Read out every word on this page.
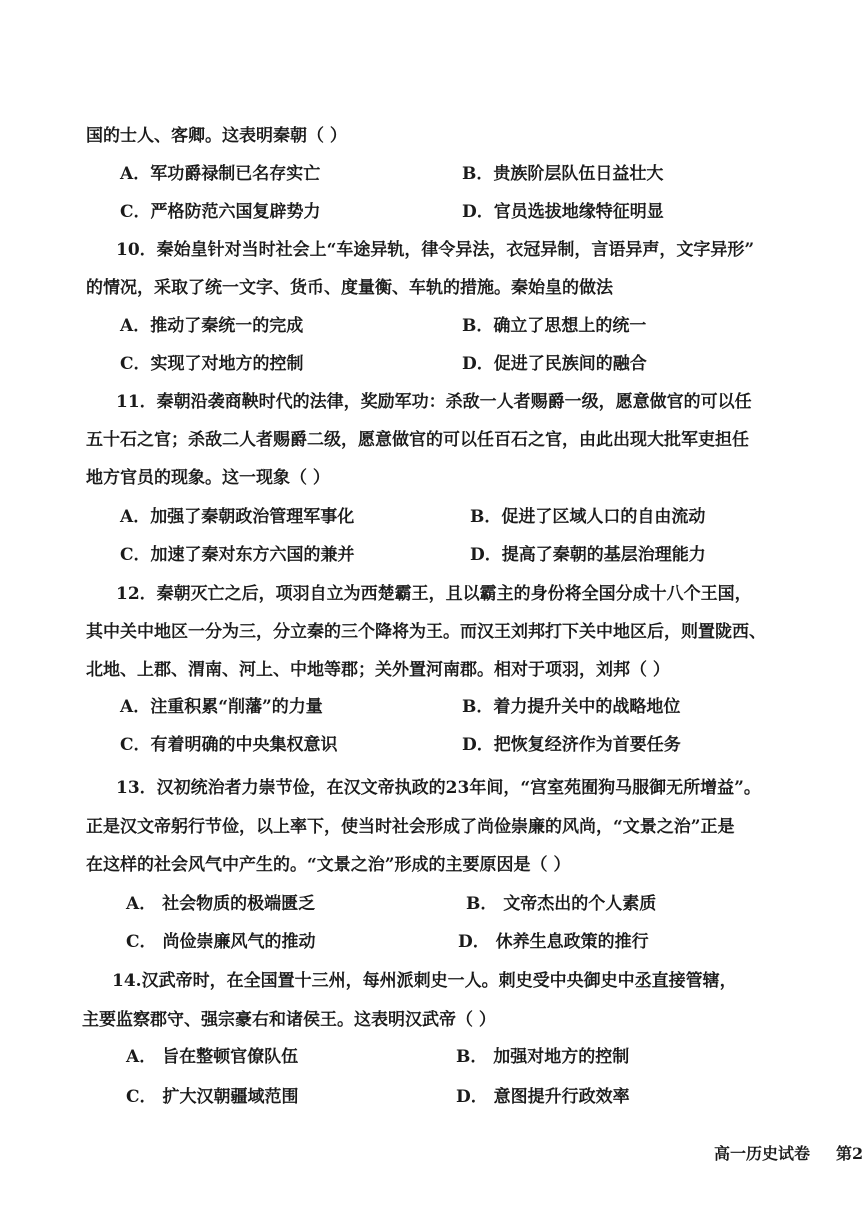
国的士人、客卿。这表明秦朝（ ）
A．军功爵禄制已名存实亡	B．贵族阶层队伍日益壮大
C．严格防范六国复辟势力	D．官员选拔地缘特征明显
10．秦始皇针对当时社会上“车途异轨，律令异法，衣冠异制，言语异声，文字异形”
的情况，采取了统一文字、货币、度量衡、车轨的措施。秦始皇的做法
A．推动了秦统一的完成	B．确立了思想上的统一
C．实现了对地方的控制	D．促进了民族间的融合
11．秦朝沿袭商鞅时代的法律，奖励军功：杀敌一人者赐爵一级，愿意做官的可以任
五十石之官；杀敌二人者赐爵二级，愿意做官的可以任百石之官，由此出现大批军吏担任
地方官员的现象。这一现象（ ）
A．加强了秦朝政治管理军事化	B．促进了区域人口的自由流动
C．加速了秦对东方六国的兼并	D．提高了秦朝的基层治理能力
12．秦朝灭亡之后，项羽自立为西楚霸王，且以霸主的身份将全国分成十八个王国，
其中关中地区一分为三，分立秦的三个降将为王。而汉王刘邦打下关中地区后，则置陇西、
北地、上郡、渭南、河上、中地等郡；关外置河南郡。相对于项羽，刘邦（ ）
A．注重积累“削藩”的力量	B．着力提升关中的战略地位
C．有着明确的中央集权意识	D．把恢复经济作为首要任务
13．汉初统治者力崇节俭，在汉文帝执政的23年间，“宫室苑囿狗马服御无所增益”。
正是汉文帝躬行节俭，以上率下，使当时社会形成了尚俭崇廉的风尚，“文景之治”正是
在这样的社会风气中产生的。“文景之治”形成的主要原因是（ ）
A． 社会物质的极端匮乏	B． 文帝杰出的个人素质
C． 尚俭崇廉风气的推动	D． 休养生息政策的推行
14.汉武帝时，在全国置十三州，每州派刺史一人。刺史受中央御史中丞直接管辖，
主要监察郡守、强宗豪右和诸侯王。这表明汉武帝（ ）
A． 旨在整顿官僚队伍	B． 加强对地方的控制
C． 扩大汉朝疆域范围	D． 意图提升行政效率
高一历史试卷 第2
